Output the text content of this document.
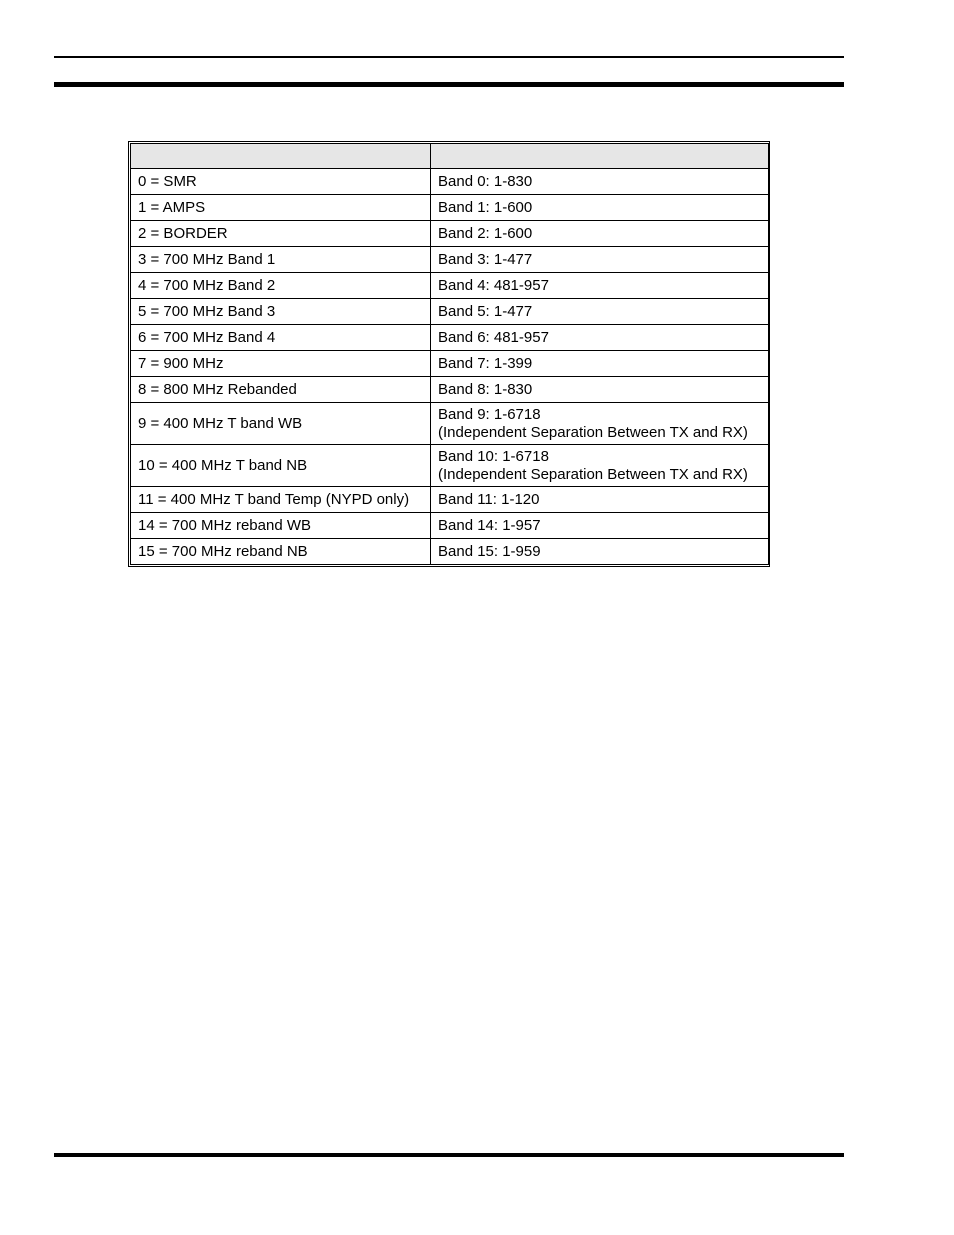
0 = SMR	Band 0: 1-830

1 = AMPS	Band 1: 1-600

2 = BORDER	Band 2: 1-600

3 = 700 MHz Band 1	Band 3: 1-477

4 = 700 MHz Band 2	Band 4: 481-957

5 = 700 MHz Band 3	Band 5: 1-477

6 = 700 MHz Band 4	Band 6: 481-957

7 = 900 MHz	Band 7: 1-399

8 = 800 MHz Rebanded	Band 8: 1-830

9 = 400 MHz T band WB	Band 9: 1-6718
(Independent Separation Between TX and RX)

10 = 400 MHz T band NB	Band 10: 1-6718
(Independent Separation Between TX and RX)

11 = 400 MHz T band Temp (NYPD only)	Band 11: 1-120

14 = 700 MHz reband WB	Band 14: 1-957

15 = 700 MHz reband NB	Band 15: 1-959
